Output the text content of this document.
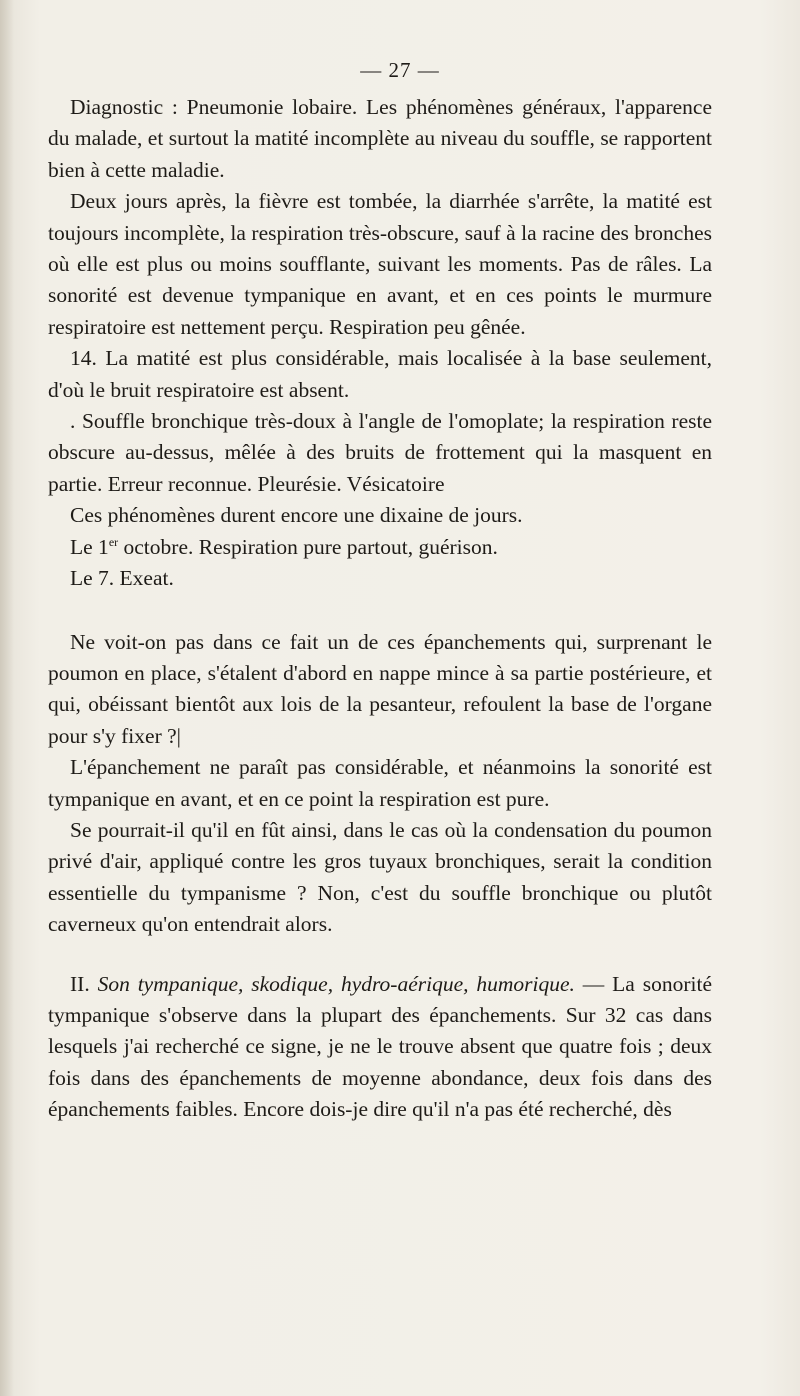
— 27 —

Diagnostic : Pneumonie lobaire. Les phénomènes généraux, l'apparence du malade, et surtout la matité incomplète au niveau du souffle, se rapportent bien à cette maladie.

Deux jours après, la fièvre est tombée, la diarrhée s'arrête, la matité est toujours incomplète, la respiration très-obscure, sauf à la racine des bronches où elle est plus ou moins soufflante, suivant les moments. Pas de râles. La sonorité est devenue tympanique en avant, et en ces points le murmure respiratoire est nettement perçu. Respiration peu gênée.

14. La matité est plus considérable, mais localisée à la base seulement, d'où le bruit respiratoire est absent.

. Souffle bronchique très-doux à l'angle de l'omoplate; la respiration reste obscure au-dessus, mêlée à des bruits de frottement qui la masquent en partie. Erreur reconnue. Pleurésie. Vésicatoire

Ces phénomènes durent encore une dixaine de jours.

Le 1er octobre. Respiration pure partout, guérison.

Le 7. Exeat.

Ne voit-on pas dans ce fait un de ces épanchements qui, surprenant le poumon en place, s'étalent d'abord en nappe mince à sa partie postérieure, et qui, obéissant bientôt aux lois de la pesanteur, refoulent la base de l'organe pour s'y fixer ?|

L'épanchement ne paraît pas considérable, et néanmoins la sonorité est tympanique en avant, et en ce point la respiration est pure.

Se pourrait-il qu'il en fût ainsi, dans le cas où la condensation du poumon privé d'air, appliqué contre les gros tuyaux bronchiques, serait la condition essentielle du tympanisme ? Non, c'est du souffle bronchique ou plutôt caverneux qu'on entendrait alors.

II. Son tympanique, skodique, hydro-aérique, humorique. — La sonorité tympanique s'observe dans la plupart des épanchements. Sur 32 cas dans lesquels j'ai recherché ce signe, je ne le trouve absent que quatre fois ; deux fois dans des épanchements de moyenne abondance, deux fois dans des épanchements faibles. Encore dois-je dire qu'il n'a pas été recherché, dès
